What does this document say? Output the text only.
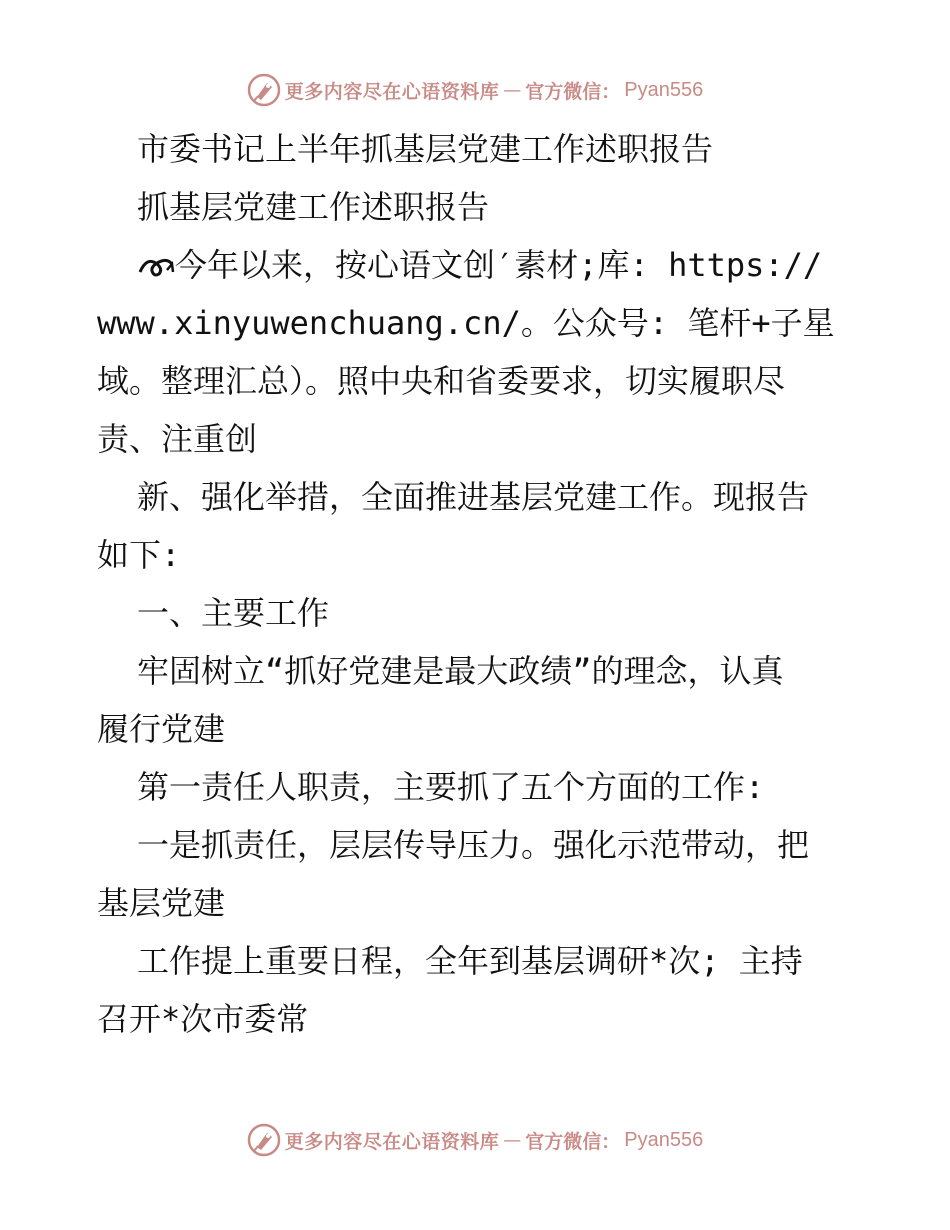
更多内容尽在心语资料库 — 官方微信： Pyan556

市委书记上半年抓基层党建工作述职报告

抓基层党建工作述职报告

今年以来，按心语文创′素材;库: https://

www.xinyuwenchuang.cn/。公众号: 笔杆+子星

域。整理汇总）。照中央和省委要求，切实履职尽

责、注重创

新、强化举措，全面推进基层党建工作。现报告

如下:

一、主要工作

牢固树立“抓好党建是最大政绩”的理念，认真

履行党建

第一责任人职责，主要抓了五个方面的工作:

一是抓责任，层层传导压力。强化示范带动，把

基层党建

工作提上重要日程，全年到基层调研*次; 主持

召开*次市委常

更多内容尽在心语资料库 — 官方微信： Pyan556
